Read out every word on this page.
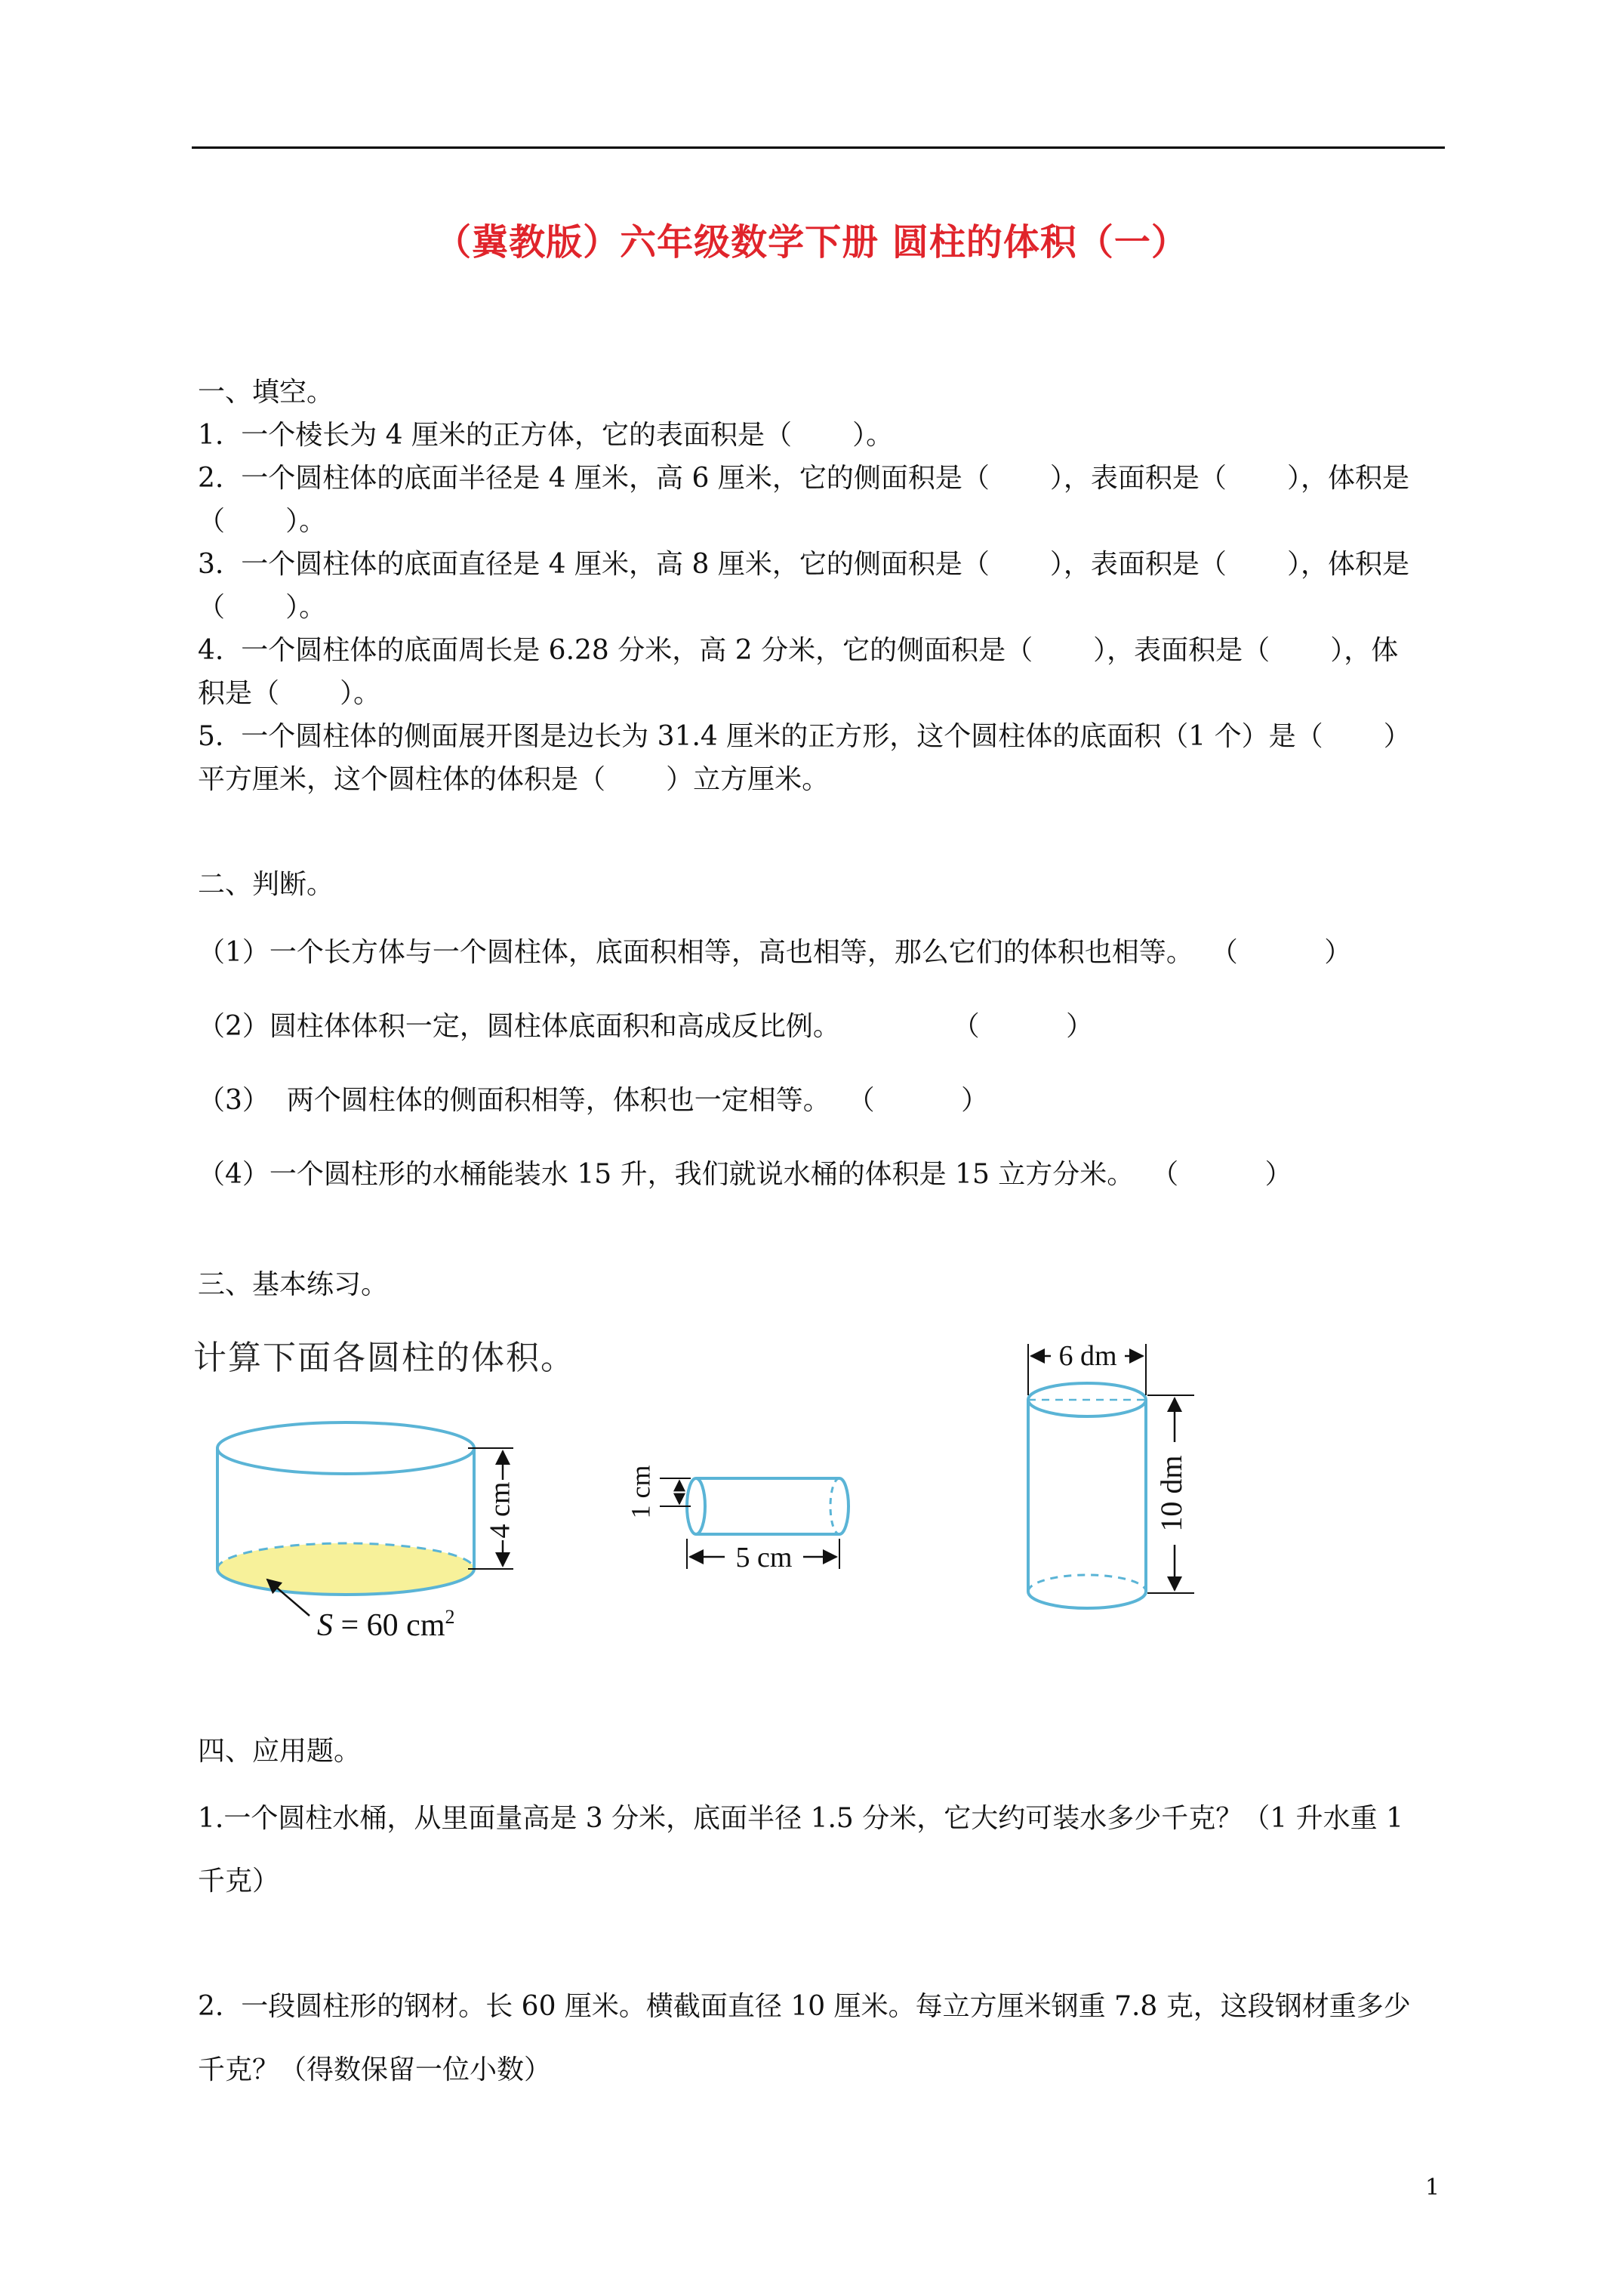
（冀教版）六年级数学下册 圆柱的体积（一）
一、填空。
1.  一个棱长为 4 厘米的正方体，它的表面积是（       ）。
2.  一个圆柱体的底面半径是 4 厘米，高 6 厘米，它的侧面积是（       ），表面积是（       ），体积是
（       ）。
3.  一个圆柱体的底面直径是 4 厘米，高 8 厘米，它的侧面积是（       ），表面积是（       ），体积是
（       ）。
4.  一个圆柱体的底面周长是 6.28 分米，高 2 分米，它的侧面积是（       ），表面积是（       ），体
积是（       ）。
5.  一个圆柱体的侧面展开图是边长为 31.4 厘米的正方形，这个圆柱体的底面积（1 个）是（       ）
平方厘米，这个圆柱体的体积是（       ）立方厘米。
二、判断。
（1）一个长方体与一个圆柱体，底面积相等，高也相等，那么它们的体积也相等。  （          ）
（2）圆柱体体积一定，圆柱体底面积和高成反比例。             （          ）
（3）  两个圆柱体的侧面积相等，体积也一定相等。  （          ）
（4）一个圆柱形的水桶能装水 15 升，我们就说水桶的体积是 15 立方分米。  （          ）
三、基本练习。
计算下面各圆柱的体积。
4 cm
S = 60 $cm^2$
1 cm
5 cm
6 dm
10 dm
四、应用题。
1.一个圆柱水桶，从里面量高是 3 分米，底面半径 1.5 分米，它大约可装水多少千克？（1 升水重 1
千克）
2.  一段圆柱形的钢材。长 60 厘米。横截面直径 10 厘米。每立方厘米钢重 7.8 克，这段钢材重多少
千克？（得数保留一位小数）
1
